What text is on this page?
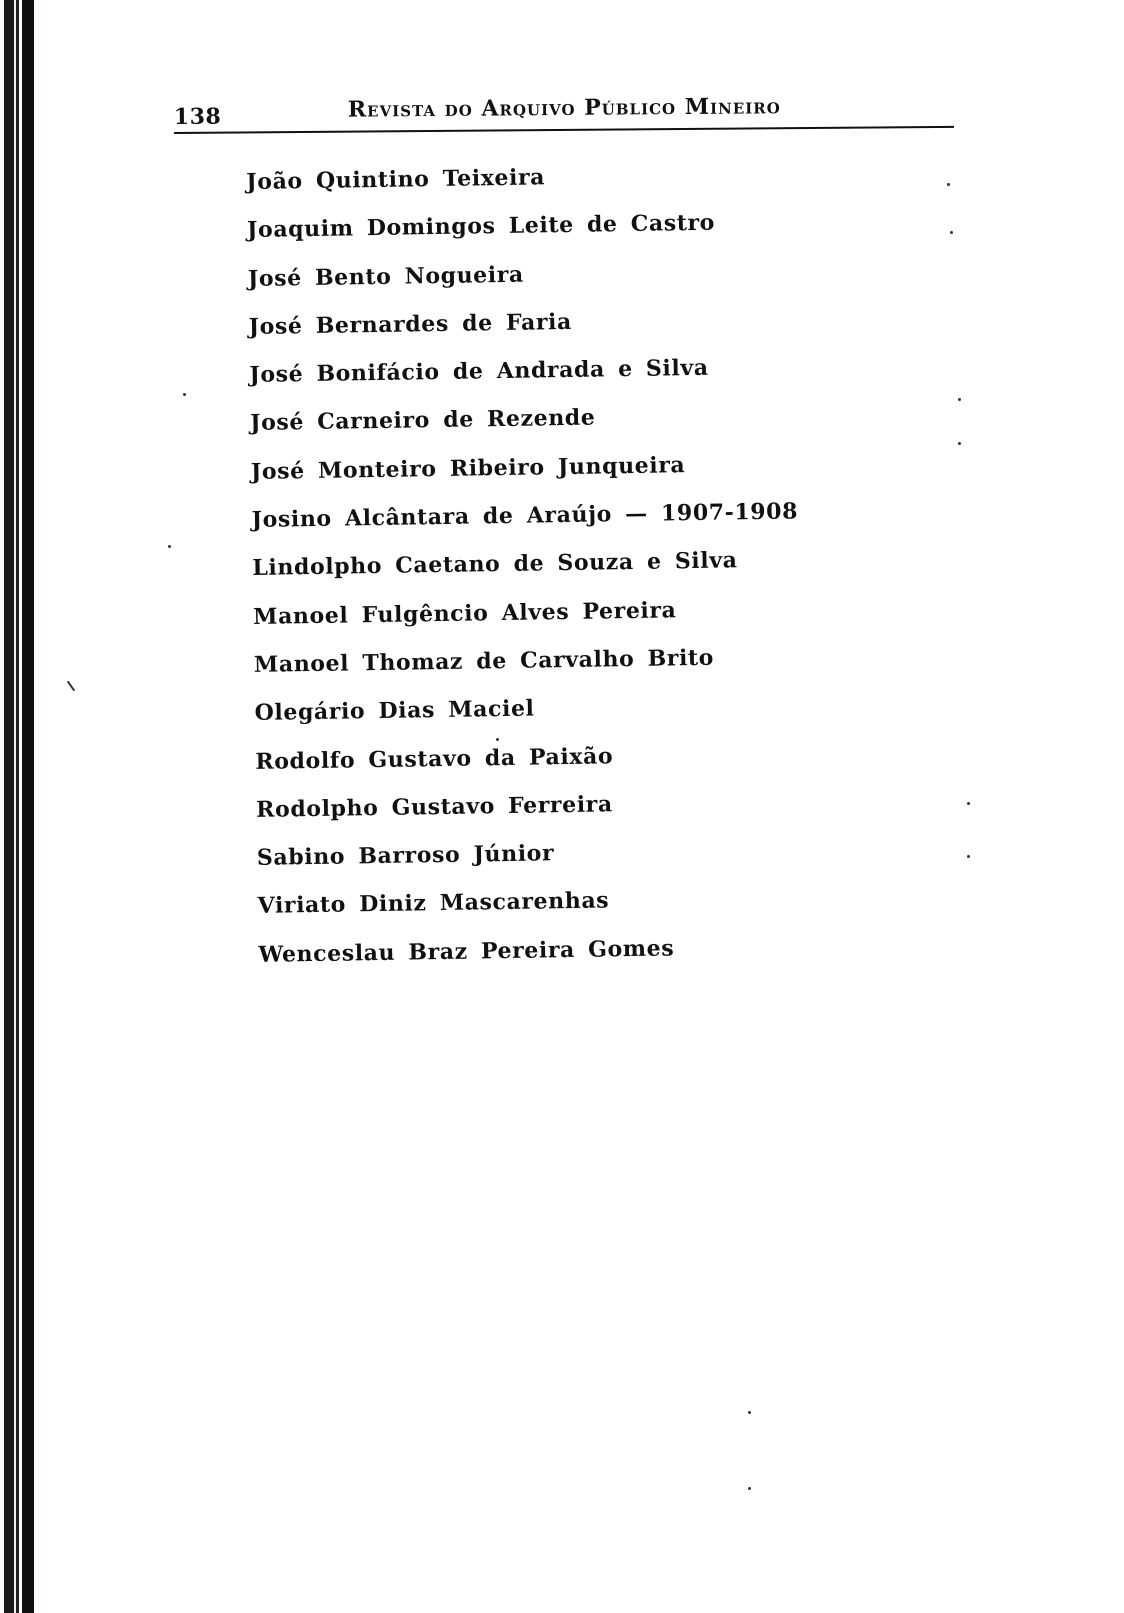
138	Revista do Arquivo Público Mineiro
João Quintino Teixeira
Joaquim Domingos Leite de Castro
José Bento Nogueira
José Bernardes de Faria
José Bonifácio de Andrada e Silva
José Carneiro de Rezende
José Monteiro Ribeiro Junqueira
Josino Alcântara de Araújo — 1907-1908
Lindolpho Caetano de Souza e Silva
Manoel Fulgêncio Alves Pereira
Manoel Thomaz de Carvalho Brito
Olegário Dias Maciel
Rodolfo Gustavo da Paixão
Rodolpho Gustavo Ferreira
Sabino Barroso Júnior
Viriato Diniz Mascarenhas
Wenceslau Braz Pereira Gomes
